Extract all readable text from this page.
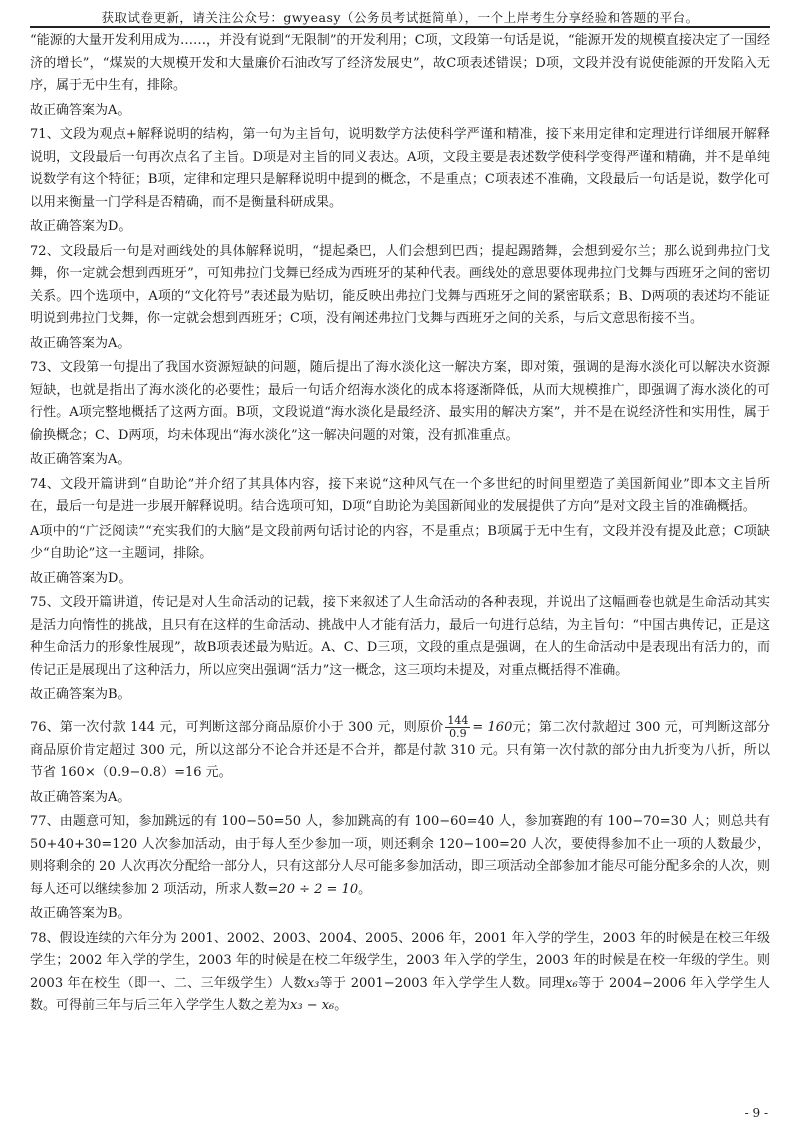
获取试卷更新，请关注公众号：gwyeasy（公务员考试挺简单），一个上岸考生分享经验和答题的平台。

“能源的大量开发利用成为……，并没有说到“无限制”的开发利用；C项，文段第一句话是说，“能源开发的规模直接决定了一国经济的增长”，“煤炭的大规模开发和大量廉价石油改写了经济发展史”，故C项表述错误；D项，文段并没有说使能源的开发陷入无序，属于无中生有，排除。

故正确答案为A。

71、文段为观点+解释说明的结构，第一句为主旨句，说明数学方法使科学严谨和精准，接下来用定律和定理进行详细展开解释说明，文段最后一句再次点名了主旨。D项是对主旨的同义表达。A项，文段主要是表述数学使科学变得严谨和精确，并不是单纯说数学有这个特征；B项，定律和定理只是解释说明中提到的概念，不是重点；C项表述不准确，文段最后一句话是说，数学化可以用来衡量一门学科是否精确，而不是衡量科研成果。

故正确答案为D。

72、文段最后一句是对画线处的具体解释说明，“提起桑巴，人们会想到巴西；提起踢踏舞，会想到爱尔兰；那么说到弗拉门戈舞，你一定就会想到西班牙”，可知弗拉门戈舞已经成为西班牙的某种代表。画线处的意思要体现弗拉门戈舞与西班牙之间的密切关系。四个选项中，A项的“文化符号”表述最为贴切，能反映出弗拉门戈舞与西班牙之间的紧密联系；B、D两项的表述均不能证明说到弗拉门戈舞，你一定就会想到西班牙；C项，没有阐述弗拉门戈舞与西班牙之间的关系，与后文意思衔接不当。

故正确答案为A。

73、文段第一句提出了我国水资源短缺的问题，随后提出了海水淡化这一解决方案，即对策，强调的是海水淡化可以解决水资源短缺，也就是指出了海水淡化的必要性；最后一句话介绍海水淡化的成本将逐渐降低，从而大规模推广，即强调了海水淡化的可行性。A项完整地概括了这两方面。B项，文段说道“海水淡化是最经济、最实用的解决方案”，并不是在说经济性和实用性，属于偷换概念；C、D两项，均未体现出“海水淡化”这一解决问题的对策，没有抓准重点。

故正确答案为A。

74、文段开篇讲到“自助论”并介绍了其具体内容，接下来说“这种风气在一个多世纪的时间里塑造了美国新闻业”即本文主旨所在，最后一句是进一步展开解释说明。结合选项可知，D项“自助论为美国新闻业的发展提供了方向”是对文段主旨的准确概括。

A项中的“广泛阅读”“充实我们的大脑”是文段前两句话讨论的内容，不是重点；B项属于无中生有，文段并没有提及此意；C项缺少“自助论”这一主题词，排除。

故正确答案为D。

75、文段开篇讲道，传记是对人生命活动的记载，接下来叙述了人生命活动的各种表现，并说出了这幅画卷也就是生命活动其实是活力向惰性的挑战，且只有在这样的生命活动、挑战中人才能有活力，最后一句进行总结，为主旨句：“中国古典传记，正是这种生命活力的形象性展现”，故B项表述最为贴近。A、C、D三项，文段的重点是强调，在人的生命活动中是表现出有活力的，而传记正是展现出了这种活力，所以应突出强调“活力”这一概念，这三项均未提及，对重点概括得不准确。

故正确答案为B。

76、第一次付款 144 元，可判断这部分商品原价小于 300 元，则原价 $\frac{144}{0.9} = 160$元；第二次付款超过 300 元，可判断这部分商品原价肯定超过 300 元，所以这部分不论合并还是不合并，都是付款 310 元。只有第一次付款的部分由九折变为八折，所以节省 160×（0.9−0.8）=16 元。

故正确答案为A。

77、由题意可知，参加跳远的有 100−50=50 人，参加跳高的有 100−60=40 人，参加赛跑的有 100−70=30 人；则总共有 50+40+30=120 人次参加活动，由于每人至少参加一项，则还剩余 120−100=20 人次，要使得参加不止一项的人数最少，则将剩余的 20 人次再次分配给一部分人，只有这部分人尽可能多参加活动，即三项活动全部参加才能尽可能分配多余的人次，则每人还可以继续参加 2 项活动，所求人数=20 ÷ 2 = 10。

故正确答案为B。

78、假设连续的六年分为 2001、2002、2003、2004、2005、2006 年，2001 年入学的学生，2003 年的时候是在校三年级学生；2002 年入学的学生，2003 年的时候是在校二年级学生，2003 年入学的学生，2003 年的时候是在校一年级的学生。则 2003 年在校生（即一、二、三年级学生）人数x₃等于 2001−2003 年入学学生人数。同理x₆等于 2004−2006 年入学学生人数。可得前三年与后三年入学学生人数之差为x₃ − x₆。

- 9 -
